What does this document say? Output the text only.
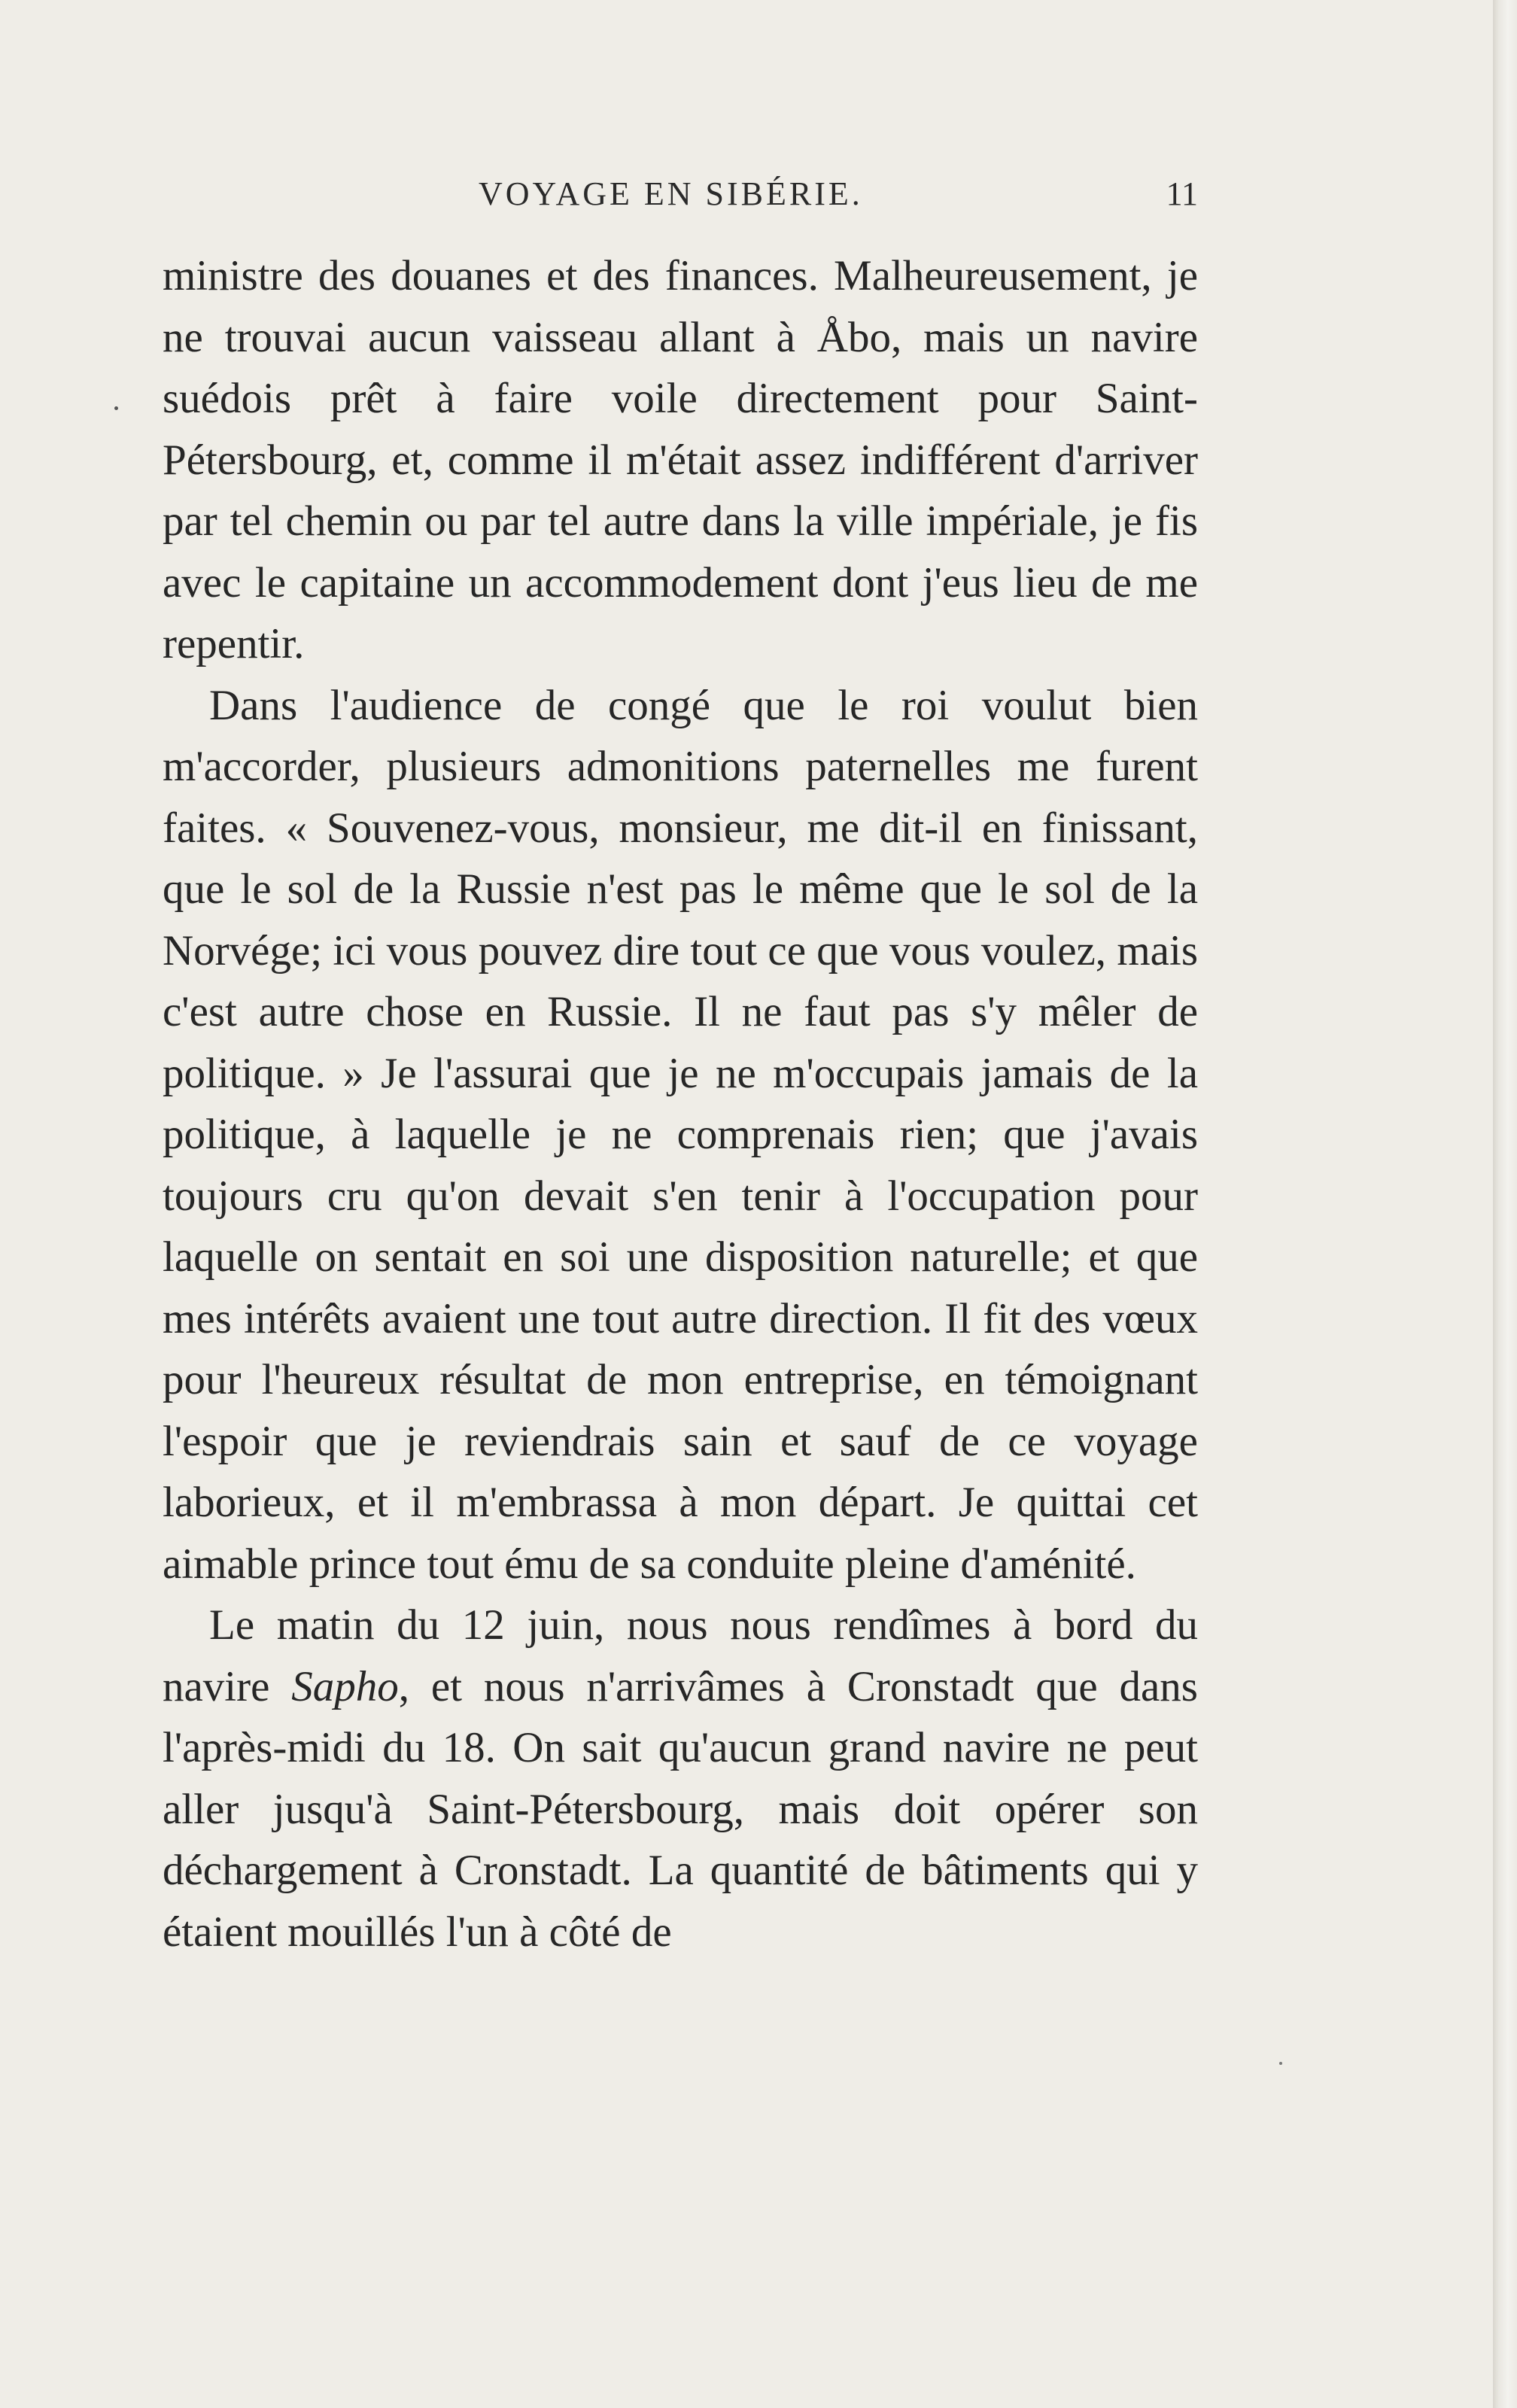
VOYAGE EN SIBÉRIE.	11

ministre des douanes et des finances. Malheureusement, je ne trouvai aucun vaisseau allant à Åbo, mais un navire suédois prêt à faire voile directement pour Saint-Pétersbourg, et, comme il m'était assez indifférent d'arriver par tel chemin ou par tel autre dans la ville impériale, je fis avec le capitaine un accommodement dont j'eus lieu de me repentir.

Dans l'audience de congé que le roi voulut bien m'accorder, plusieurs admonitions paternelles me furent faites. « Souvenez-vous, monsieur, me dit-il en finissant, que le sol de la Russie n'est pas le même que le sol de la Norvége; ici vous pouvez dire tout ce que vous voulez, mais c'est autre chose en Russie. Il ne faut pas s'y mêler de politique. » Je l'assurai que je ne m'occupais jamais de la politique, à laquelle je ne comprenais rien; que j'avais toujours cru qu'on devait s'en tenir à l'occupation pour laquelle on sentait en soi une disposition naturelle; et que mes intérêts avaient une tout autre direction. Il fit des vœux pour l'heureux résultat de mon entreprise, en témoignant l'espoir que je reviendrais sain et sauf de ce voyage laborieux, et il m'embrassa à mon départ. Je quittai cet aimable prince tout ému de sa conduite pleine d'aménité.

Le matin du 12 juin, nous nous rendîmes à bord du navire Sapho, et nous n'arrivâmes à Cronstadt que dans l'après-midi du 18. On sait qu'aucun grand navire ne peut aller jusqu'à Saint-Pétersbourg, mais doit opérer son déchargement à Cronstadt. La quantité de bâtiments qui y étaient mouillés l'un à côté de
